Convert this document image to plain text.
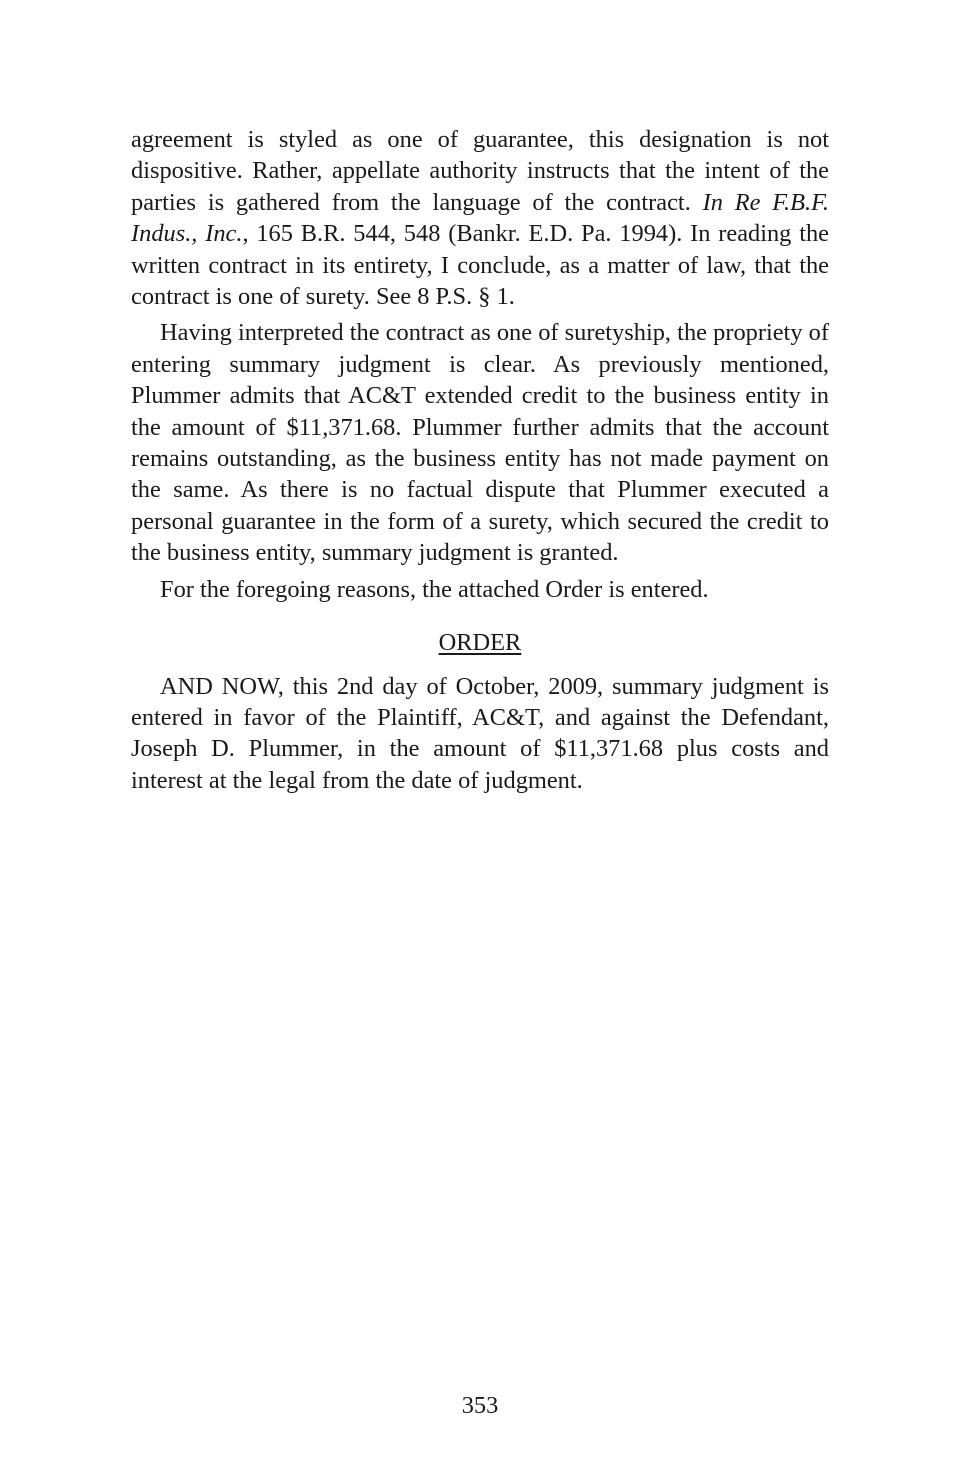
agreement is styled as one of guarantee, this designation is not dispositive. Rather, appellate authority instructs that the intent of the parties is gathered from the language of the contract. In Re F.B.F. Indus., Inc., 165 B.R. 544, 548 (Bankr. E.D. Pa. 1994). In reading the written contract in its entirety, I conclude, as a matter of law, that the contract is one of surety. See 8 P.S. § 1.

Having interpreted the contract as one of suretyship, the propriety of entering summary judgment is clear. As previously mentioned, Plummer admits that AC&T extended credit to the business entity in the amount of $11,371.68. Plummer further admits that the account remains outstanding, as the business entity has not made payment on the same. As there is no factual dispute that Plummer executed a personal guarantee in the form of a surety, which secured the credit to the business entity, summary judgment is granted.

For the foregoing reasons, the attached Order is entered.

ORDER

AND NOW, this 2nd day of October, 2009, summary judgment is entered in favor of the Plaintiff, AC&T, and against the Defendant, Joseph D. Plummer, in the amount of $11,371.68 plus costs and interest at the legal from the date of judgment.

353
